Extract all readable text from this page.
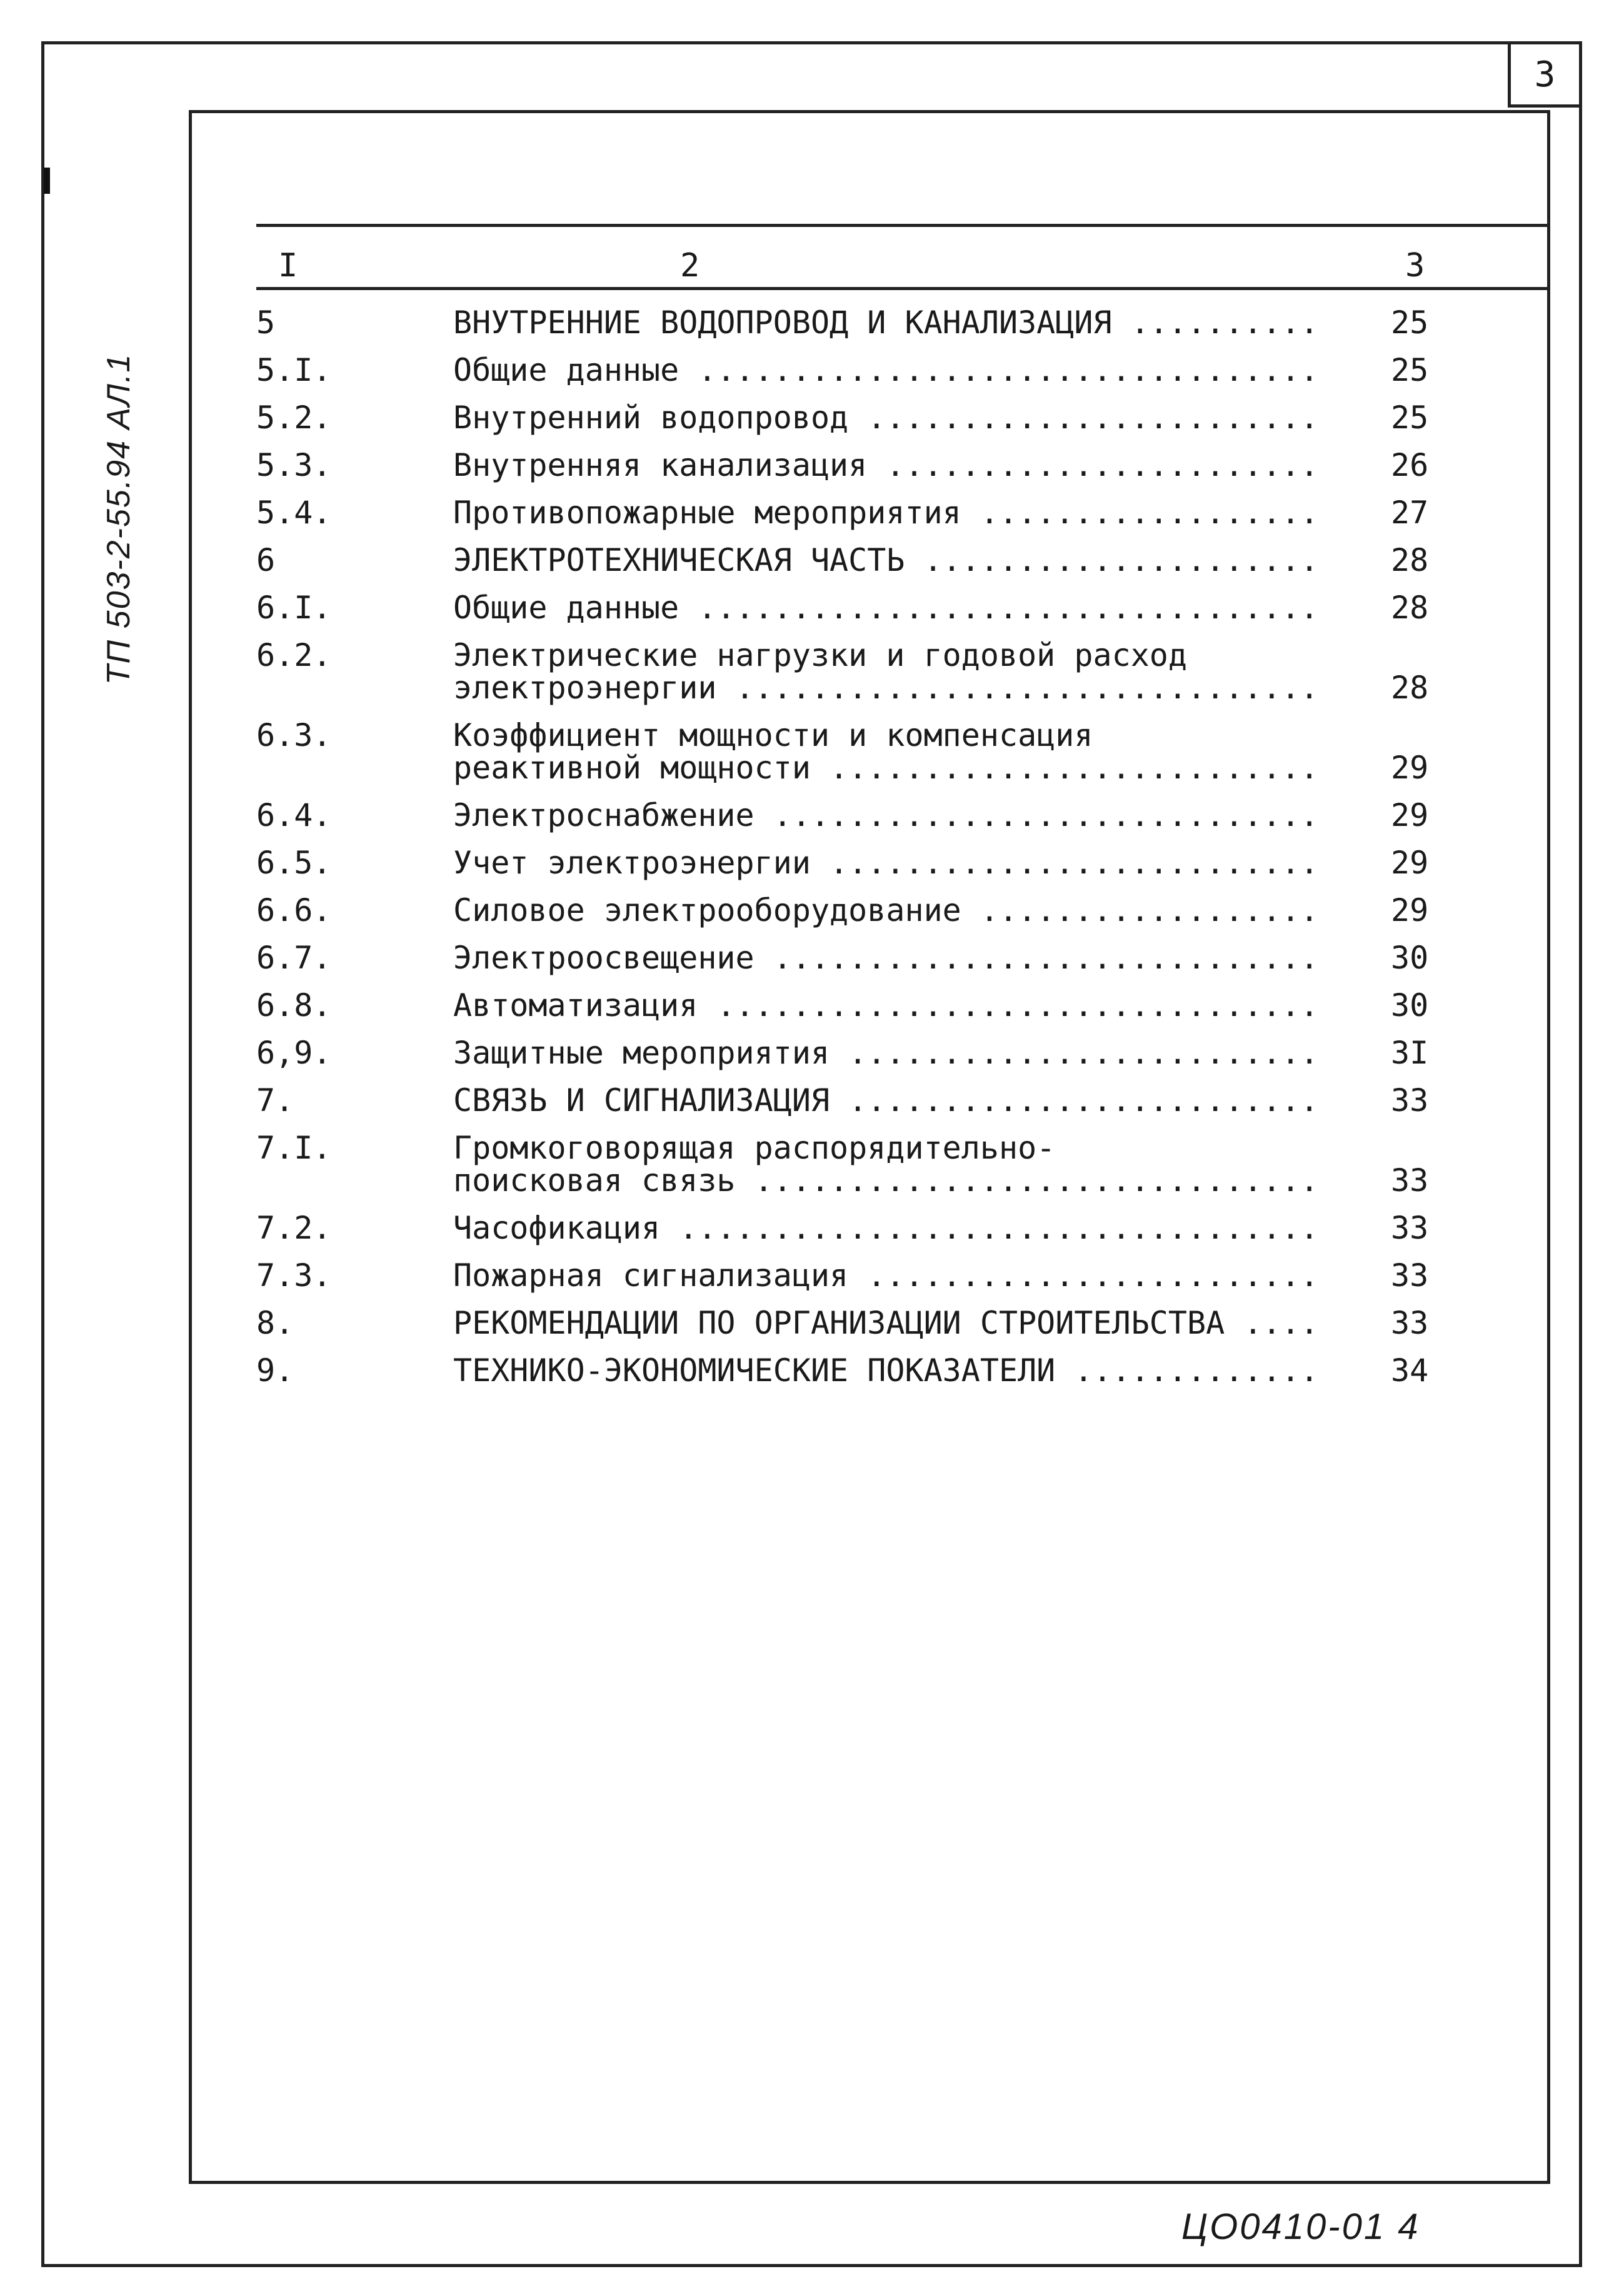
3
ТП 503-2-55.94 АЛ.1
I	2	3
5	ВНУТРЕННИЕ ВОДОПРОВОД И КАНАЛИЗАЦИЯ .....	25
5.I.	Общие данные .....	25
5.2.	Внутренний водопровод .....	25
5.3.	Внутренняя канализация .....	26
5.4.	Противопожарные мероприятия .....	27
6	ЭЛЕКТРОТЕХНИЧЕСКАЯ ЧАСТЬ .....	28
6.I.	Общие данные .....	28
6.2.	Электрические нагрузки и годовой расход
электроэнергии .....	28
6.3.	Коэффициент мощности и компенсация
реактивной мощности .....	29
6.4.	Электроснабжение .....	29
6.5.	Учет электроэнергии .....	29
6.6.	Силовое электрооборудование .....	29
6.7.	Электроосвещение .....	30
6.8.	Автоматизация .....	30
6,9.	Защитные мероприятия .....	3I
7.	СВЯЗЬ И СИГНАЛИЗАЦИЯ .....	33
7.I.	Громкоговорящая распорядительно-
поисковая связь .....	33
7.2.	Часофикация .....	33
7.3.	Пожарная сигнализация .....	33
8.	РЕКОМЕНДАЦИИ ПО ОРГАНИЗАЦИИ СТРОИТЕЛЬСТВА .....	33
9.	ТЕХНИКО-ЭКОНОМИЧЕСКИЕ ПОКАЗАТЕЛИ .....	34
ЦО0410-01 4
